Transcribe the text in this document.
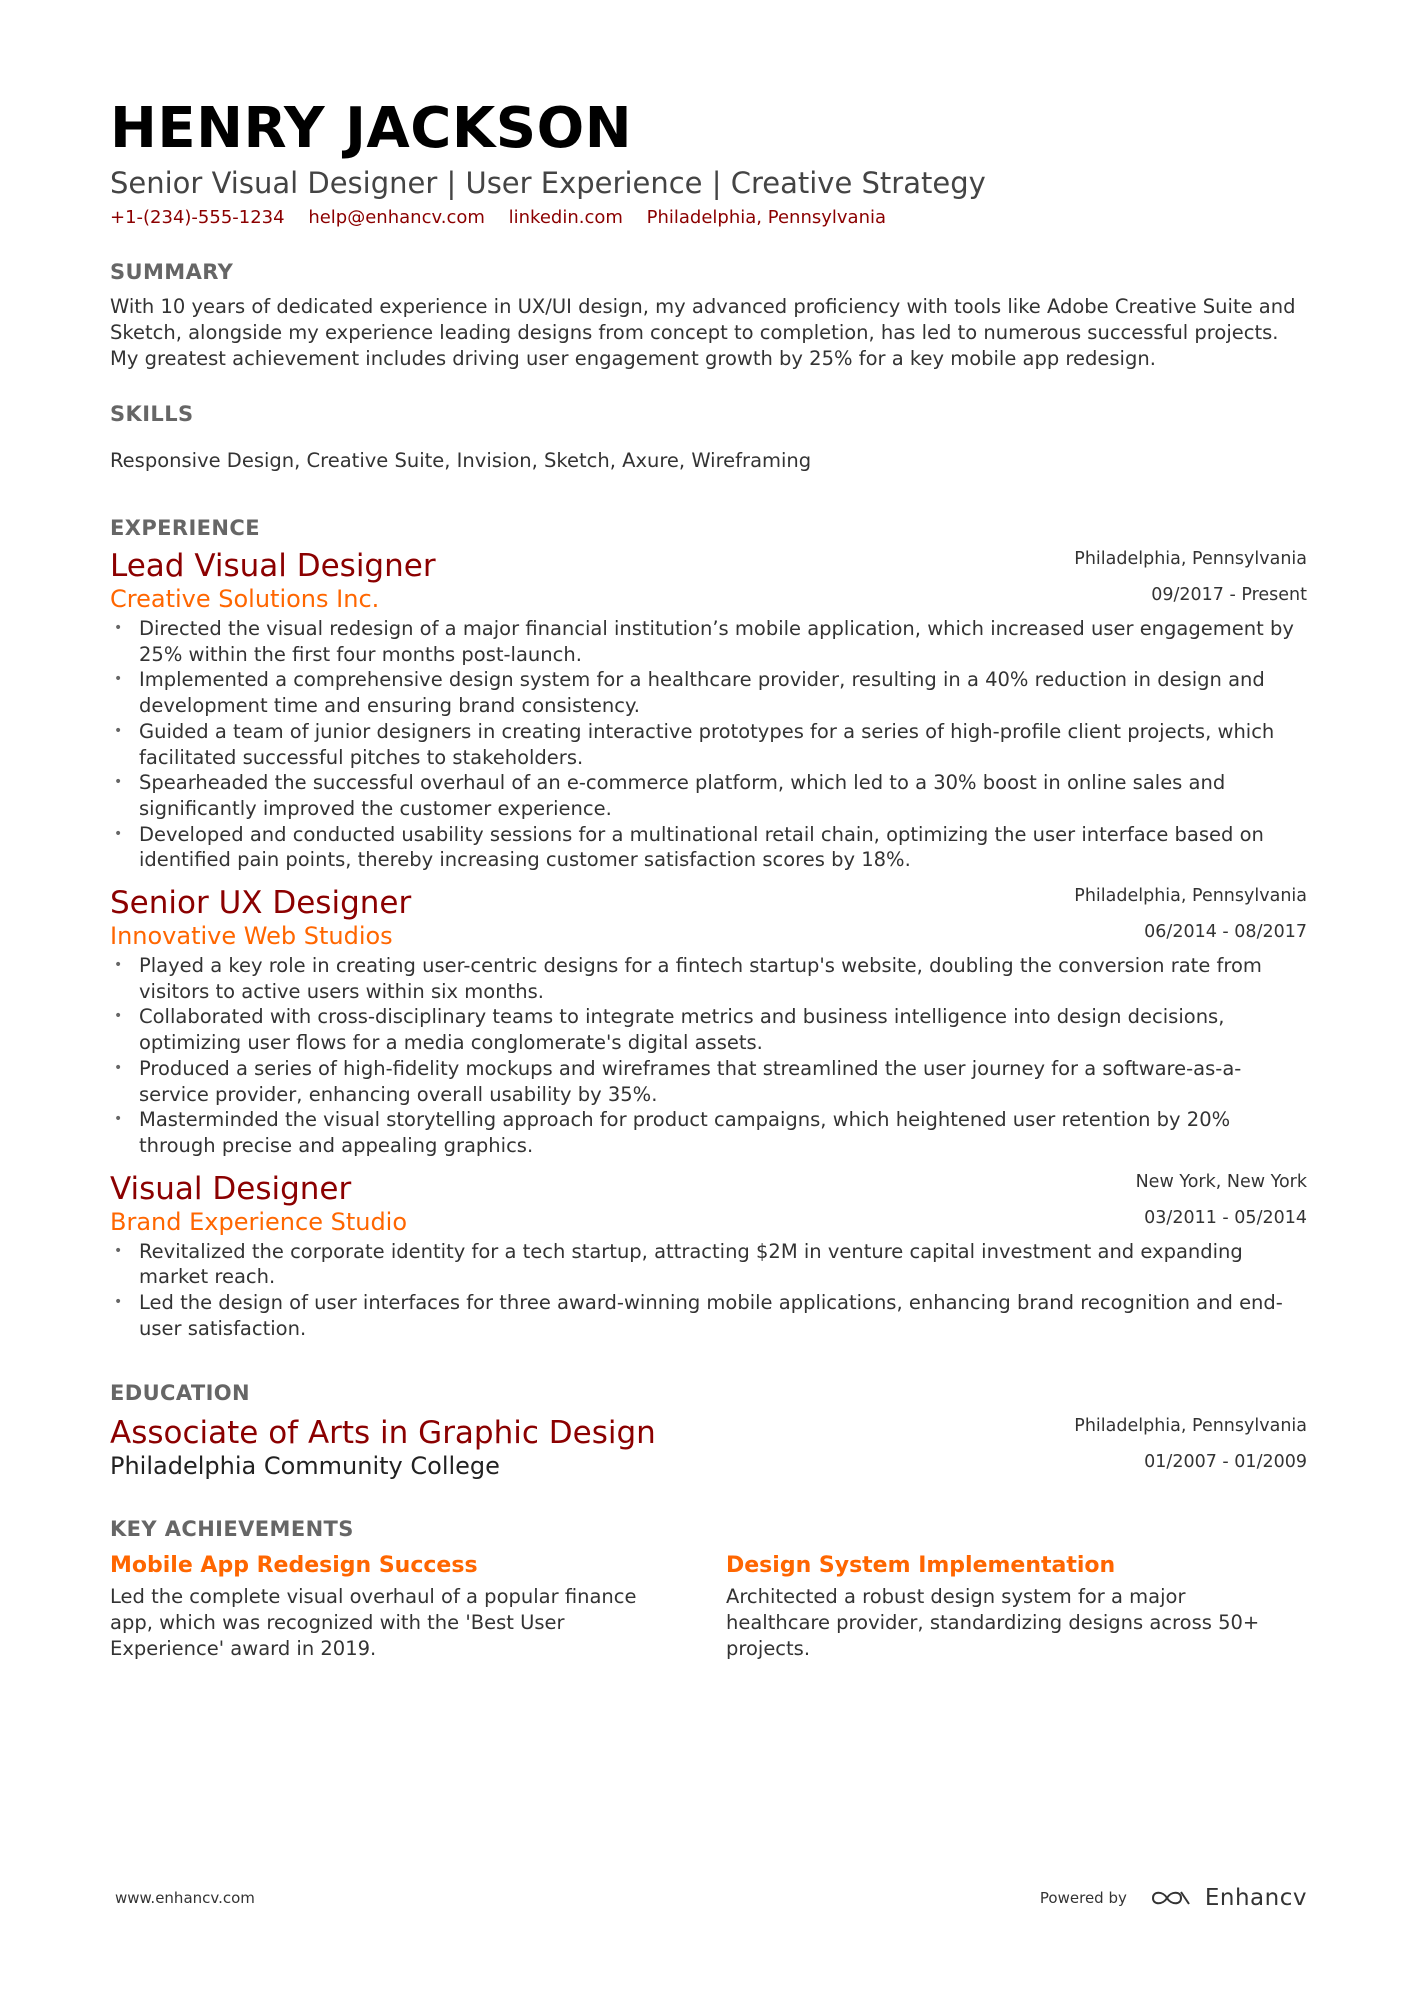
HENRY JACKSON
Senior Visual Designer | User Experience | Creative Strategy
+1-(234)-555-1234 help@enhancv.com linkedin.com Philadelphia, Pennsylvania
SUMMARY
With 10 years of dedicated experience in UX/UI design, my advanced proficiency with tools like Adobe Creative Suite and Sketch, alongside my experience leading designs from concept to completion, has led to numerous successful projects. My greatest achievement includes driving user engagement growth by 25% for a key mobile app redesign.
SKILLS
Responsive Design, Creative Suite, Invision, Sketch, Axure, Wireframing
EXPERIENCE
Lead Visual Designer
Creative Solutions Inc.
Philadelphia, Pennsylvania
09/2017 - Present
• Directed the visual redesign of a major financial institution’s mobile application, which increased user engagement by 25% within the first four months post-launch.
• Implemented a comprehensive design system for a healthcare provider, resulting in a 40% reduction in design and development time and ensuring brand consistency.
• Guided a team of junior designers in creating interactive prototypes for a series of high-profile client projects, which facilitated successful pitches to stakeholders.
• Spearheaded the successful overhaul of an e-commerce platform, which led to a 30% boost in online sales and significantly improved the customer experience.
• Developed and conducted usability sessions for a multinational retail chain, optimizing the user interface based on identified pain points, thereby increasing customer satisfaction scores by 18%.
Senior UX Designer
Innovative Web Studios
Philadelphia, Pennsylvania
06/2014 - 08/2017
• Played a key role in creating user-centric designs for a fintech startup's website, doubling the conversion rate from visitors to active users within six months.
• Collaborated with cross-disciplinary teams to integrate metrics and business intelligence into design decisions, optimizing user flows for a media conglomerate's digital assets.
• Produced a series of high-fidelity mockups and wireframes that streamlined the user journey for a software-as-a-service provider, enhancing overall usability by 35%.
• Masterminded the visual storytelling approach for product campaigns, which heightened user retention by 20% through precise and appealing graphics.
Visual Designer
Brand Experience Studio
New York, New York
03/2011 - 05/2014
• Revitalized the corporate identity for a tech startup, attracting $2M in venture capital investment and expanding market reach.
• Led the design of user interfaces for three award-winning mobile applications, enhancing brand recognition and end-user satisfaction.
EDUCATION
Associate of Arts in Graphic Design
Philadelphia Community College
Philadelphia, Pennsylvania
01/2007 - 01/2009
KEY ACHIEVEMENTS
Mobile App Redesign Success
Led the complete visual overhaul of a popular finance app, which was recognized with the 'Best User Experience' award in 2019.
Design System Implementation
Architected a robust design system for a major healthcare provider, standardizing designs across 50+ projects.
www.enhancv.com	Powered by	Enhancv
